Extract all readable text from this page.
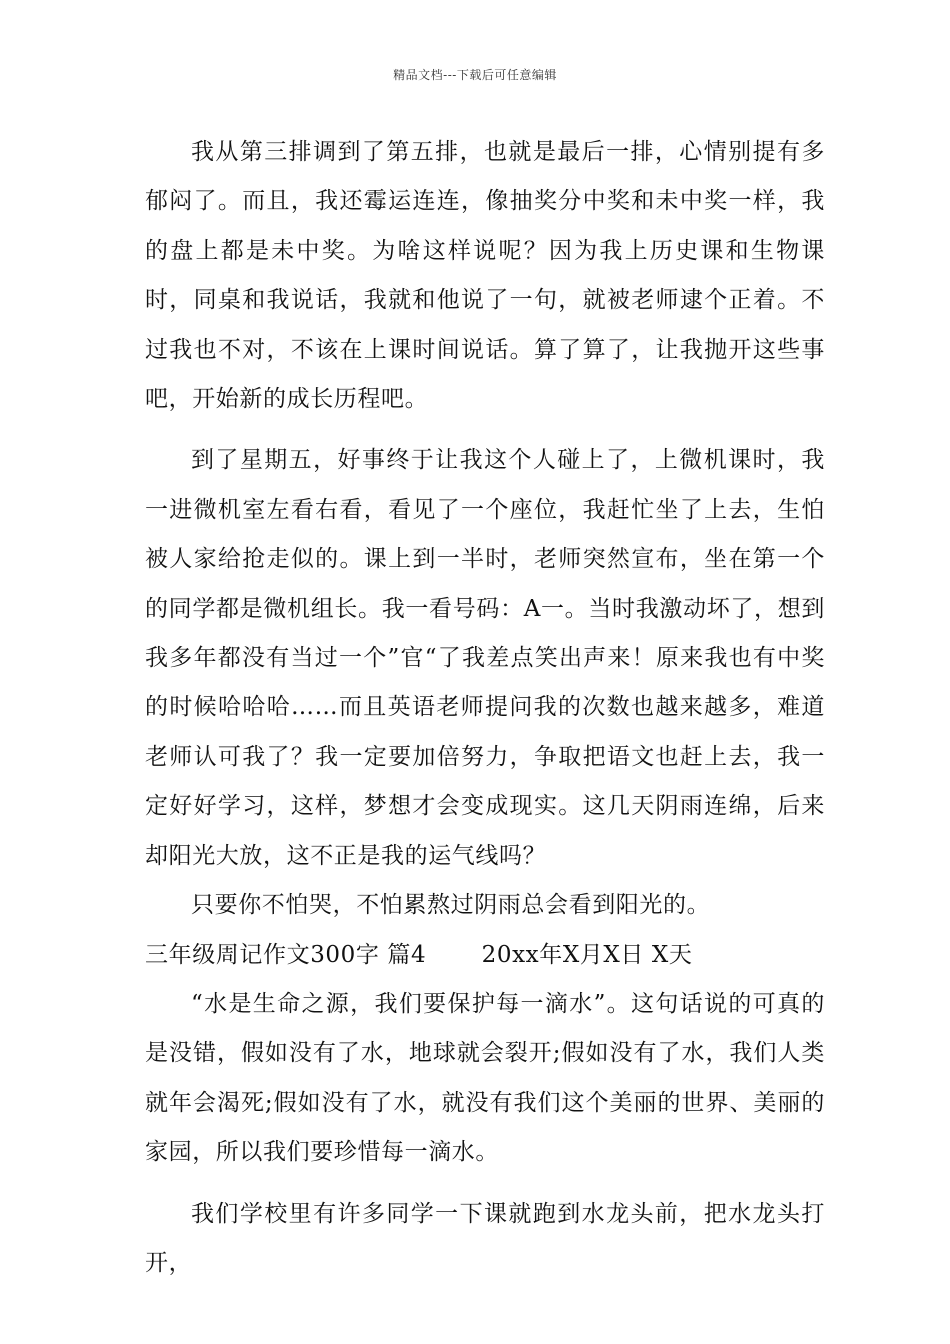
精品文档---下载后可任意编辑

我从第三排调到了第五排，也就是最后一排，心情别提有多郁闷了。而且，我还霉运连连，像抽奖分中奖和未中奖一样，我的盘上都是未中奖。为啥这样说呢？因为我上历史课和生物课时，同桌和我说话，我就和他说了一句，就被老师逮个正着。不过我也不对，不该在上课时间说话。算了算了，让我抛开这些事吧，开始新的成长历程吧。

到了星期五，好事终于让我这个人碰上了，上微机课时，我一进微机室左看右看，看见了一个座位，我赶忙坐了上去，生怕被人家给抢走似的。课上到一半时，老师突然宣布，坐在第一个的同学都是微机组长。我一看号码：A一。当时我激动坏了，想到我多年都没有当过一个”官“了我差点笑出声来！原来我也有中奖的时候哈哈哈……而且英语老师提问我的次数也越来越多，难道老师认可我了？我一定要加倍努力，争取把语文也赶上去，我一定好好学习，这样，梦想才会变成现实。这几天阴雨连绵，后来却阳光大放，这不正是我的运气线吗？

只要你不怕哭，不怕累熬过阴雨总会看到阳光的。

三年级周记作文300字 篇4       20xx年X月X日 X天

“水是生命之源，我们要保护每一滴水”。这句话说的可真的是没错，假如没有了水，地球就会裂开;假如没有了水，我们人类就年会渴死;假如没有了水，就没有我们这个美丽的世界、美丽的家园，所以我们要珍惜每一滴水。

我们学校里有许多同学一下课就跑到水龙头前，把水龙头打开，
